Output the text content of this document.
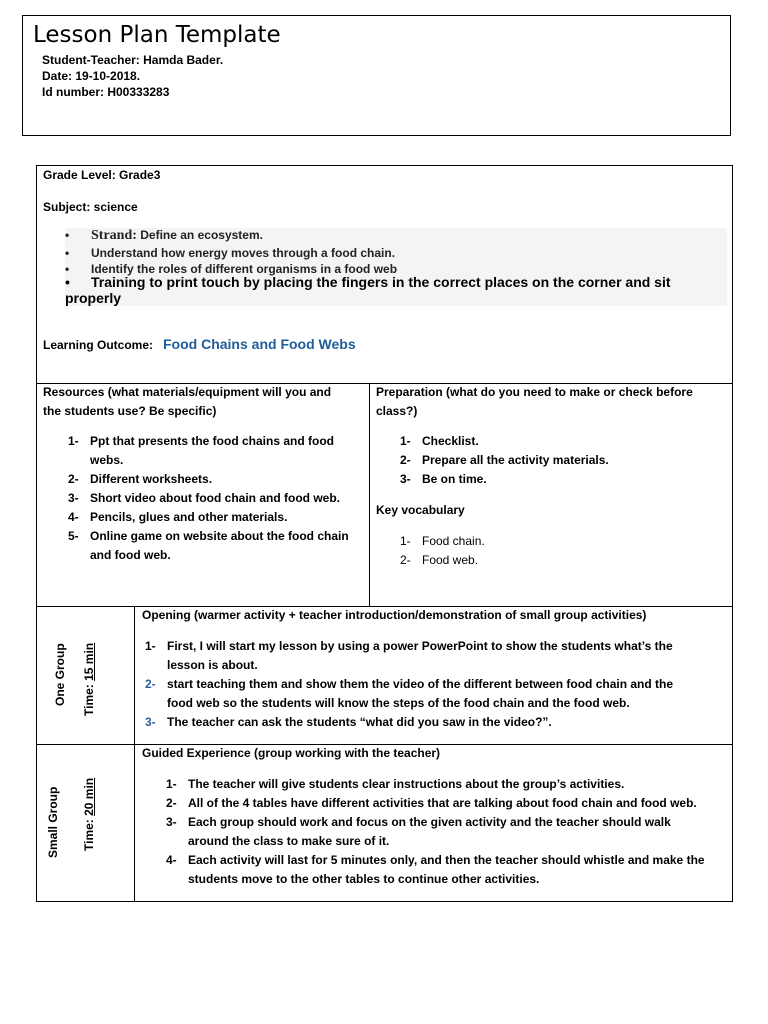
Lesson Plan Template
Student-Teacher: Hamda Bader.
Date: 19-10-2018.
Id number: H00333283
Grade Level: Grade3
Subject: science
• Strand: Define an ecosystem.
• Understand how energy moves through a food chain.
• Identify the roles of different organisms in a food web
• Training to print touch by placing the fingers in the correct places on the corner and sit
properly
Learning Outcome: Food Chains and Food Webs
Resources (what materials/equipment will you and
the students use? Be specific)
1- Ppt that presents the food chains and food
webs.
2- Different worksheets.
3- Short video about food chain and food web.
4- Pencils, glues and other materials.
5- Online game on website about the food chain
and food web.
Preparation (what do you need to make or check before
class?)
1- Checklist.
2- Prepare all the activity materials.
3- Be on time.
Key vocabulary
1- Food chain.
2- Food web.
One Group Time: 15 min
Opening (warmer activity + teacher introduction/demonstration of small group activities)
1- First, I will start my lesson by using a power PowerPoint to show the students what’s the
lesson is about.
2- start teaching them and show them the video of the different between food chain and the
food web so the students will know the steps of the food chain and the food web.
3- The teacher can ask the students “what did you saw in the video?”.
Small Group Time: 20 min
Guided Experience (group working with the teacher)
1- The teacher will give students clear instructions about the group’s activities.
2- All of the 4 tables have different activities that are talking about food chain and food web.
3- Each group should work and focus on the given activity and the teacher should walk
around the class to make sure of it.
4- Each activity will last for 5 minutes only, and then the teacher should whistle and make the
students move to the other tables to continue other activities.
